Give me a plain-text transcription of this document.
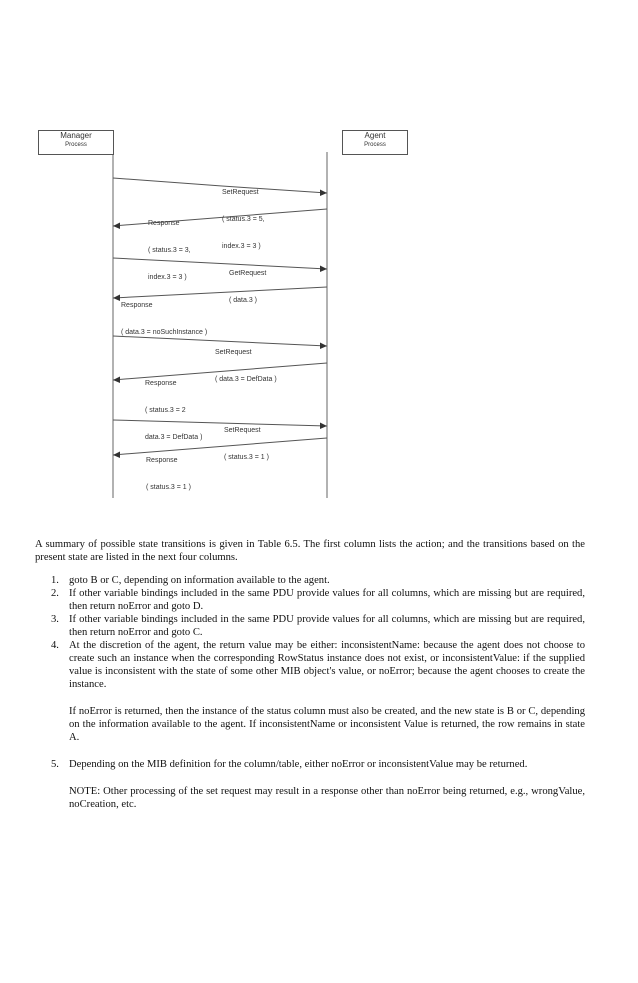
Manager
Process
Agent
Process

SetRequest

( status.3 = 5,

index.3 = 3 )

Response

( status.3 = 3,

index.3 = 3 )

GetRequest

( data.3 )

Response

( data.3 = noSuchInstance )

SetRequest

( data.3 = DefData )

Response

( status.3 = 2

data.3 = DefData )

SetRequest

( status.3 = 1 )

Response

( status.3 = 1 )

A summary of possible state transitions is given in Table 6.5. The first column lists the action; and the transitions based on the present state are listed in the next four columns.

1. goto B or C, depending on information available to the agent.
2. If other variable bindings included in the same PDU provide values for all columns, which are missing but are required, then return noError and goto D.
3. If other variable bindings included in the same PDU provide values for all columns, which are missing but are required, then return noError and goto C.
4. At the discretion of the agent, the return value may be either: inconsistentName: because the agent does not choose to create such an instance when the corresponding RowStatus instance does not exist, or inconsistentValue: if the supplied value is inconsistent with the state of some other MIB object's value, or noError; because the agent chooses to create the instance.

If noError is returned, then the instance of the status column must also be created, and the new state is B or C, depending on the information available to the agent. If inconsistentName or inconsistent Value is returned, the row remains in state A.

5. Depending on the MIB definition for the column/table, either noError or inconsistentValue may be returned.

NOTE: Other processing of the set request may result in a response other than noError being returned, e.g., wrongValue, noCreation, etc.
